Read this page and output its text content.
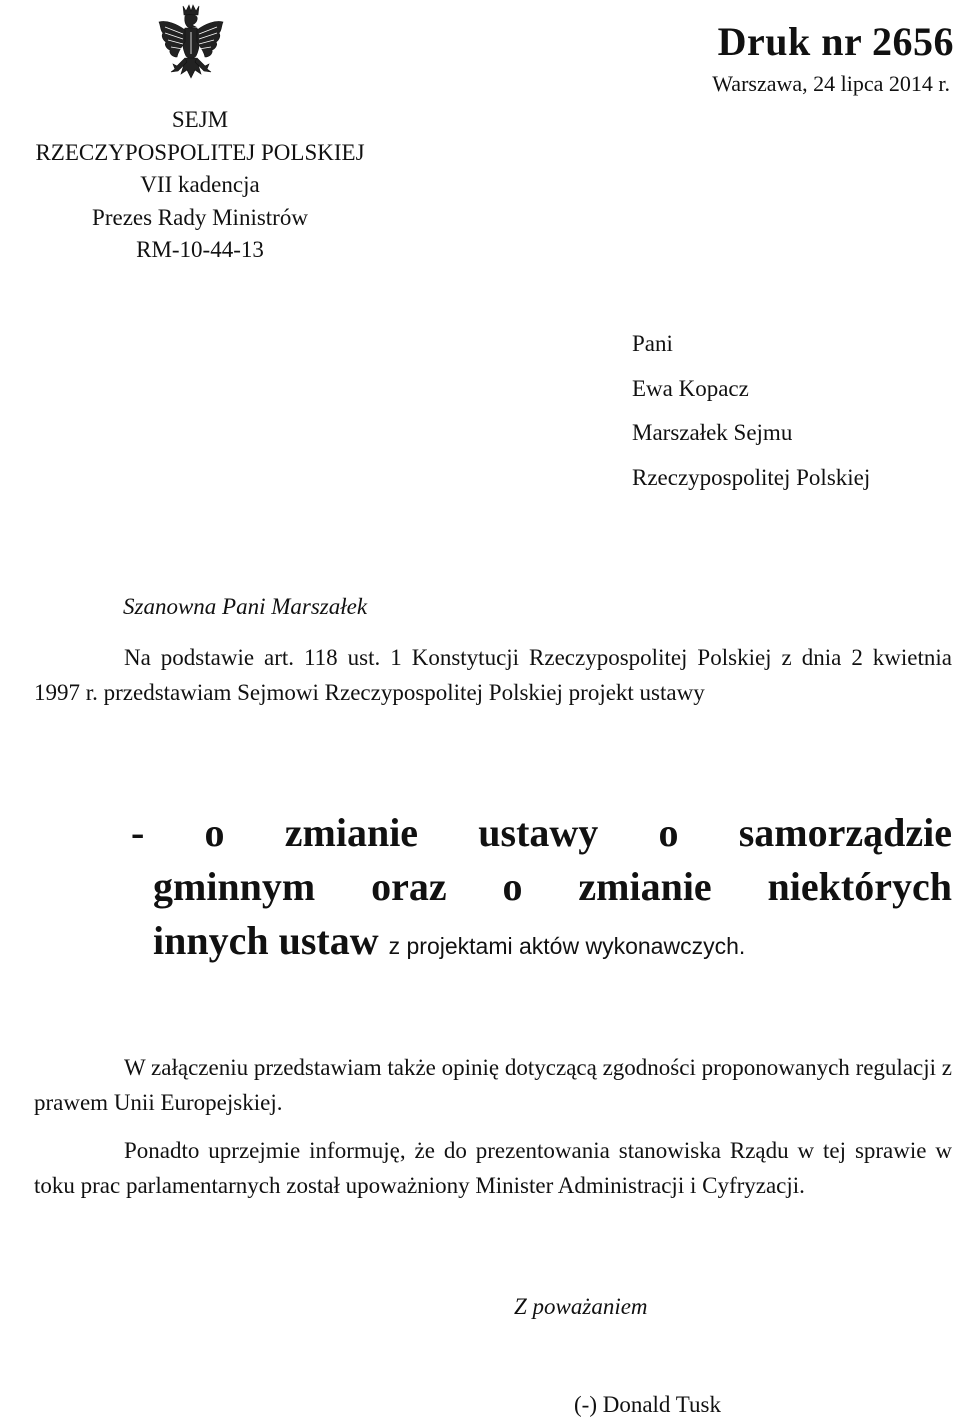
Druk nr 2656
Warszawa, 24 lipca 2014 r.
SEJM
RZECZYPOSPOLITEJ POLSKIEJ
VII kadencja
Prezes Rady Ministrów
RM-10-44-13
Pani
Ewa Kopacz
Marszałek Sejmu
Rzeczypospolitej Polskiej
Szanowna Pani Marszałek
Na podstawie art. 118 ust. 1 Konstytucji Rzeczypospolitej Polskiej z dnia 2 kwietnia 1997 r. przedstawiam Sejmowi Rzeczypospolitej Polskiej projekt ustawy
- o zmianie ustawy o samorządzie
gminnym oraz o zmianie niektórych
innych ustaw z projektami aktów wykonawczych.
W załączeniu przedstawiam także opinię dotyczącą zgodności proponowanych regulacji z prawem Unii Europejskiej.
Ponadto uprzejmie informuję, że do prezentowania stanowiska Rządu w tej sprawie w toku prac parlamentarnych został upoważniony Minister Administracji i Cyfryzacji.
Z poważaniem
(-) Donald Tusk
